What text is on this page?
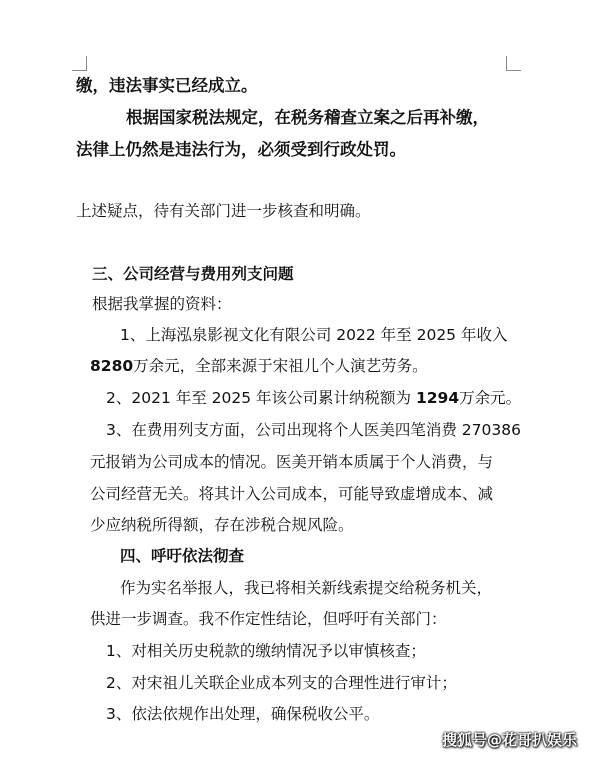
缴，违法事实已经成立。
根据国家税法规定，在税务稽查立案之后再补缴，
法律上仍然是违法行为，必须受到行政处罚。
上述疑点，待有关部门进一步核查和明确。
三、公司经营与费用列支问题
根据我掌握的资料：
1、上海泓泉影视文化有限公司 2022 年至 2025 年收入
8280万余元，全部来源于宋祖儿个人演艺劳务。
2、2021 年至 2025 年该公司累计纳税额为 1294万余元。
3、在费用列支方面，公司出现将个人医美四笔消费 270386
元报销为公司成本的情况。医美开销本质属于个人消费，与
公司经营无关。将其计入公司成本，可能导致虚增成本、减
少应纳税所得额，存在涉税合规风险。
四、呼吁依法彻查
作为实名举报人，我已将相关新线索提交给税务机关，
供进一步调查。我不作定性结论，但呼吁有关部门：
1、对相关历史税款的缴纳情况予以审慎核查；
2、对宋祖儿关联企业成本列支的合理性进行审计；
3、依法依规作出处理，确保税收公平。
搜狐号@花哥扒娱乐
